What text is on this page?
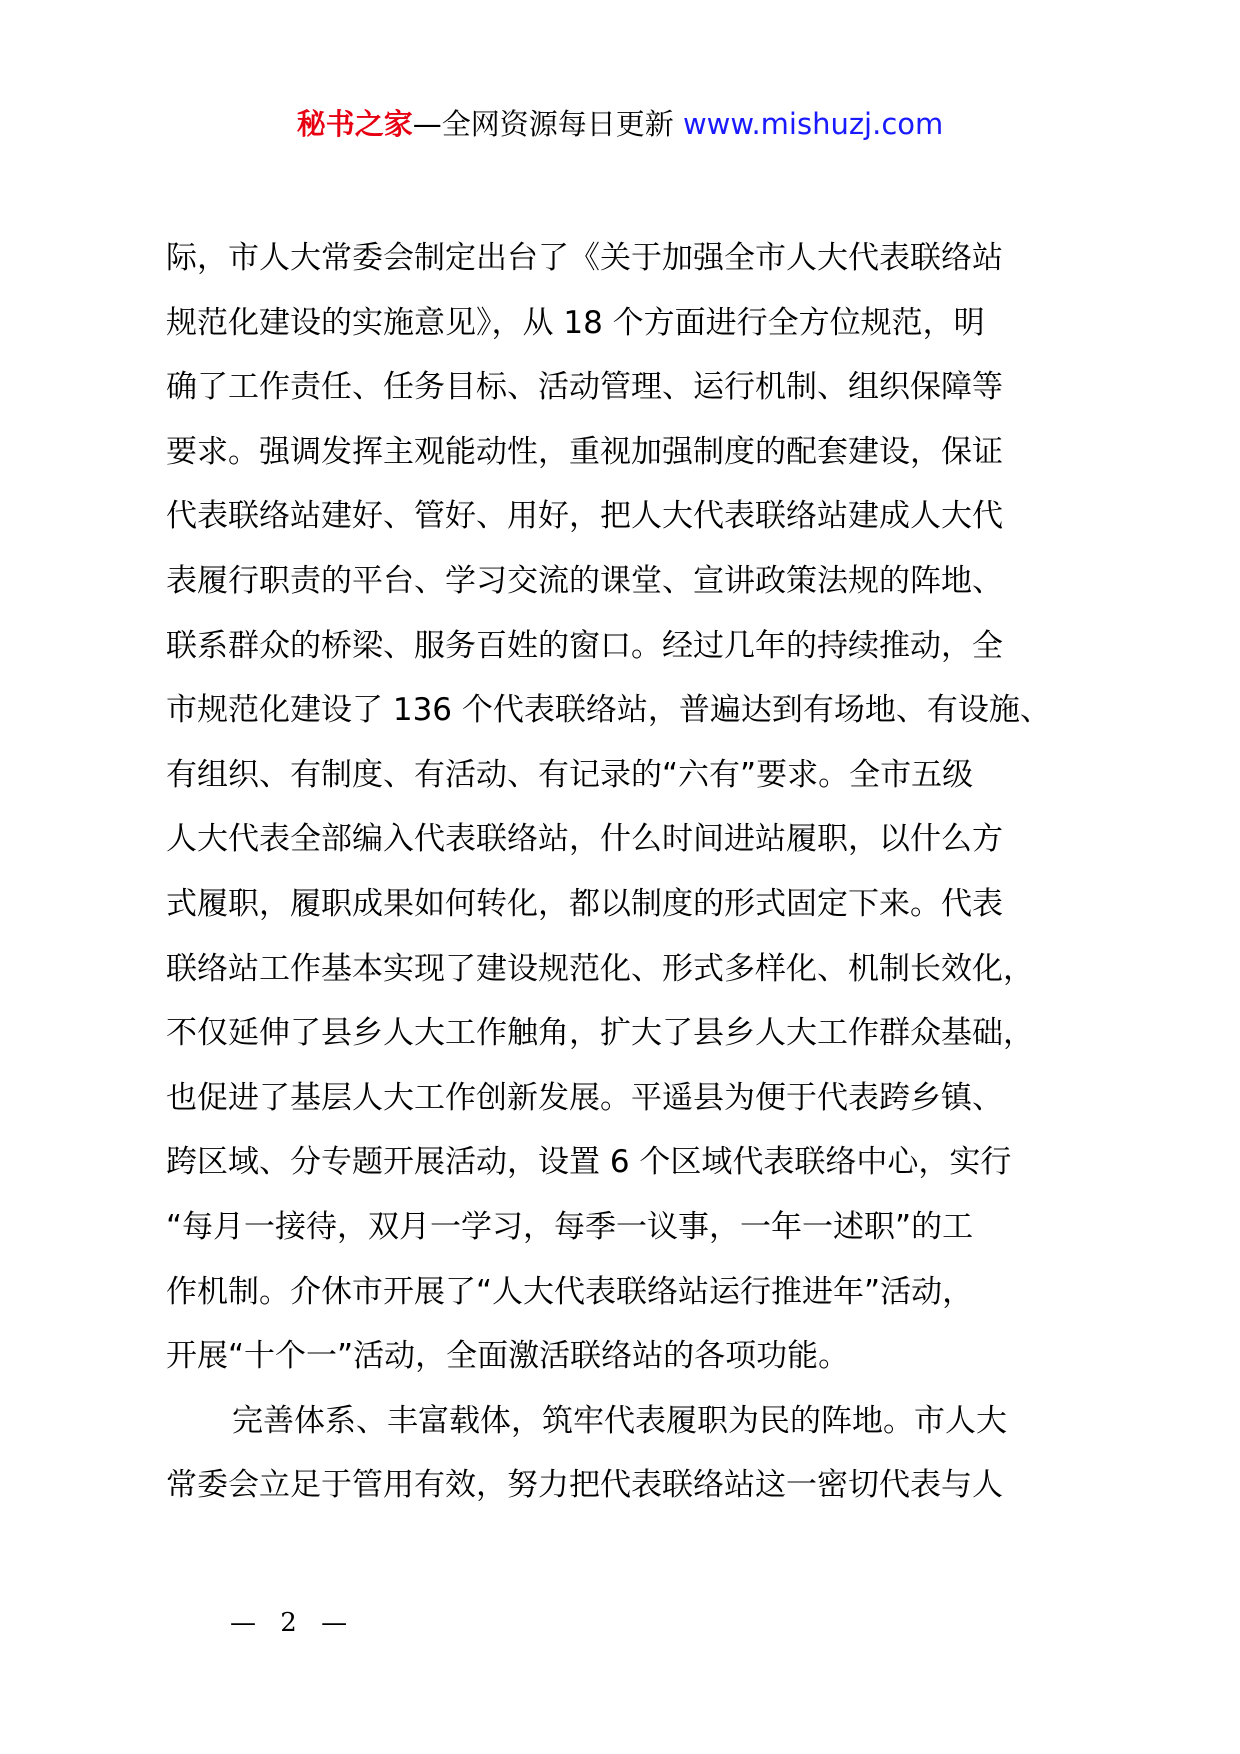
秘书之家—全网资源每日更新 www.mishuzj.com
际，市人大常委会制定出台了《关于加强全市人大代表联络站
规范化建设的实施意见》，从 18 个方面进行全方位规范，明
确了工作责任、任务目标、活动管理、运行机制、组织保障等
要求。强调发挥主观能动性，重视加强制度的配套建设，保证
代表联络站建好、管好、用好，把人大代表联络站建成人大代
表履行职责的平台、学习交流的课堂、宣讲政策法规的阵地、
联系群众的桥梁、服务百姓的窗口。经过几年的持续推动，全
市规范化建设了 136 个代表联络站，普遍达到有场地、有设施、
有组织、有制度、有活动、有记录的“六有”要求。全市五级
人大代表全部编入代表联络站，什么时间进站履职，以什么方
式履职，履职成果如何转化，都以制度的形式固定下来。代表
联络站工作基本实现了建设规范化、形式多样化、机制长效化，
不仅延伸了县乡人大工作触角，扩大了县乡人大工作群众基础，
也促进了基层人大工作创新发展。平遥县为便于代表跨乡镇、
跨区域、分专题开展活动，设置 6 个区域代表联络中心，实行
“每月一接待，双月一学习，每季一议事，一年一述职”的工
作机制。介休市开展了“人大代表联络站运行推进年”活动，
开展“十个一”活动，全面激活联络站的各项功能。
完善体系、丰富载体，筑牢代表履职为民的阵地。市人大
常委会立足于管用有效，努力把代表联络站这一密切代表与人
— 2 —
